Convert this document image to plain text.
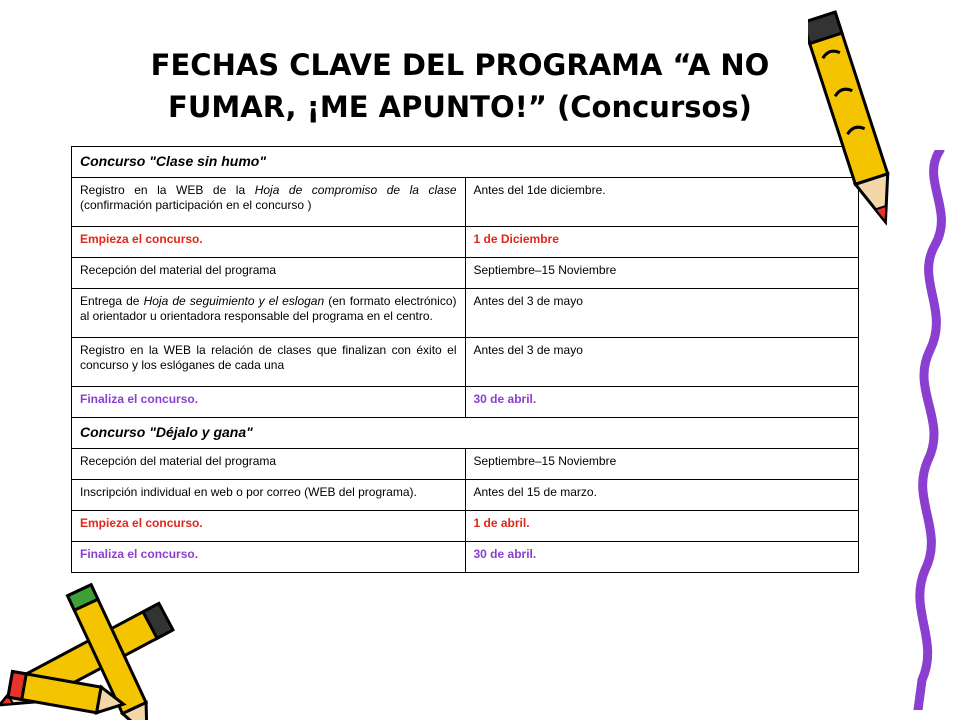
FECHAS CLAVE DEL PROGRAMA “A NO FUMAR, ¡ME APUNTO!” (Concursos)
Concurso "Clase sin humo"	
Registro en la WEB de la Hoja de compromiso de la clase (confirmación participación en el concurso )	Antes del 1de diciembre.
Empieza el concurso.	1 de Diciembre
Recepción del material del programa	Septiembre–15 Noviembre
Entrega de Hoja de seguimiento y el eslogan (en formato electrónico) al orientador u orientadora responsable del programa en el centro.	Antes del 3 de mayo
Registro en la WEB la relación de clases que finalizan con éxito el concurso y los eslóganes de cada una	Antes del 3 de mayo
Finaliza el concurso.	30 de abril.
Concurso "Déjalo y gana"	
Recepción del material del programa	Septiembre–15 Noviembre
Inscripción individual en web o por correo (WEB del programa).	Antes del 15 de marzo.
Empieza el concurso.	1 de abril.
Finaliza el concurso.	30 de abril.
